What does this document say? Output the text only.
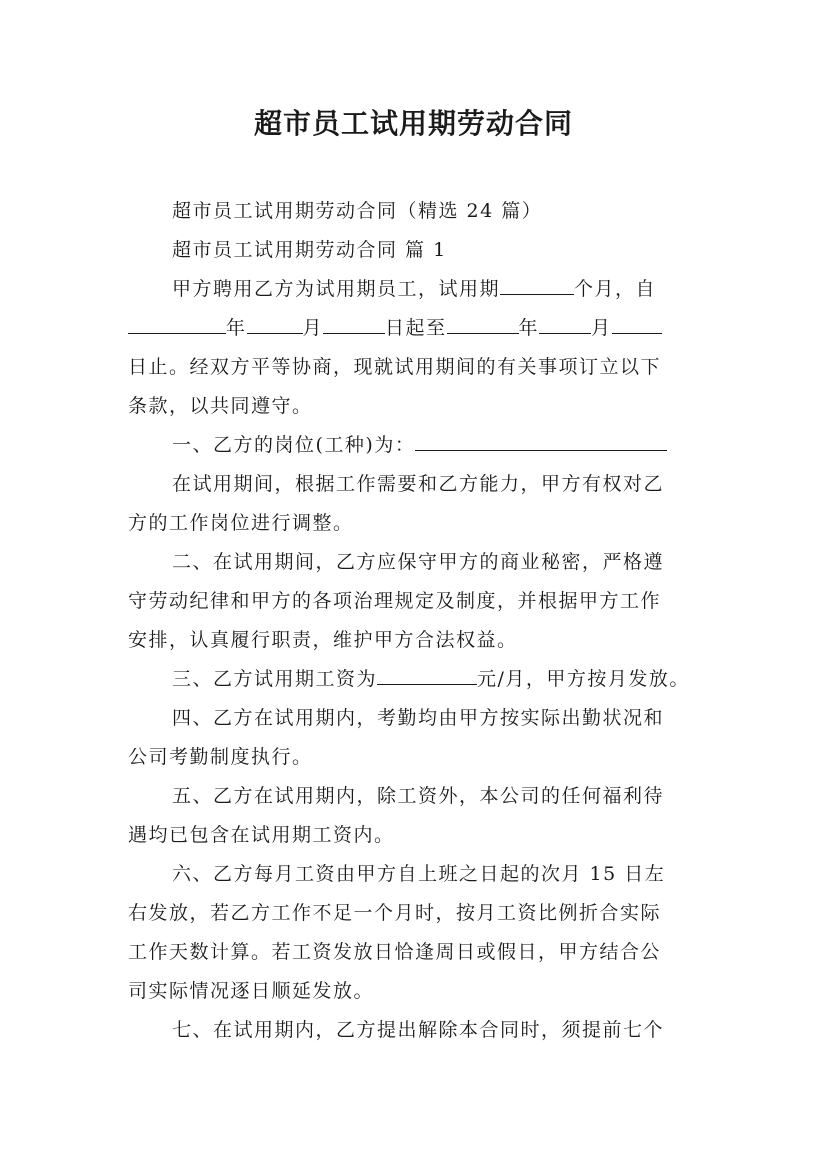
超市员工试用期劳动合同

超市员工试用期劳动合同（精选 24 篇）

超市员工试用期劳动合同 篇 1

甲方聘用乙方为试用期员工，试用期	个月，自

年	月	日起至	年	月

日止。经双方平等协商，现就试用期间的有关事项订立以下

条款，以共同遵守。

一、乙方的岗位(工种)为：

在试用期间，根据工作需要和乙方能力，甲方有权对乙

方的工作岗位进行调整。

二、在试用期间，乙方应保守甲方的商业秘密，严格遵

守劳动纪律和甲方的各项治理规定及制度，并根据甲方工作

安排，认真履行职责，维护甲方合法权益。

三、乙方试用期工资为	元/月，甲方按月发放。

四、乙方在试用期内，考勤均由甲方按实际出勤状况和

公司考勤制度执行。

五、乙方在试用期内，除工资外，本公司的任何福利待

遇均已包含在试用期工资内。

六、乙方每月工资由甲方自上班之日起的次月 15 日左

右发放，若乙方工作不足一个月时，按月工资比例折合实际

工作天数计算。若工资发放日恰逢周日或假日，甲方结合公

司实际情况逐日顺延发放。

七、在试用期内，乙方提出解除本合同时，须提前七个
